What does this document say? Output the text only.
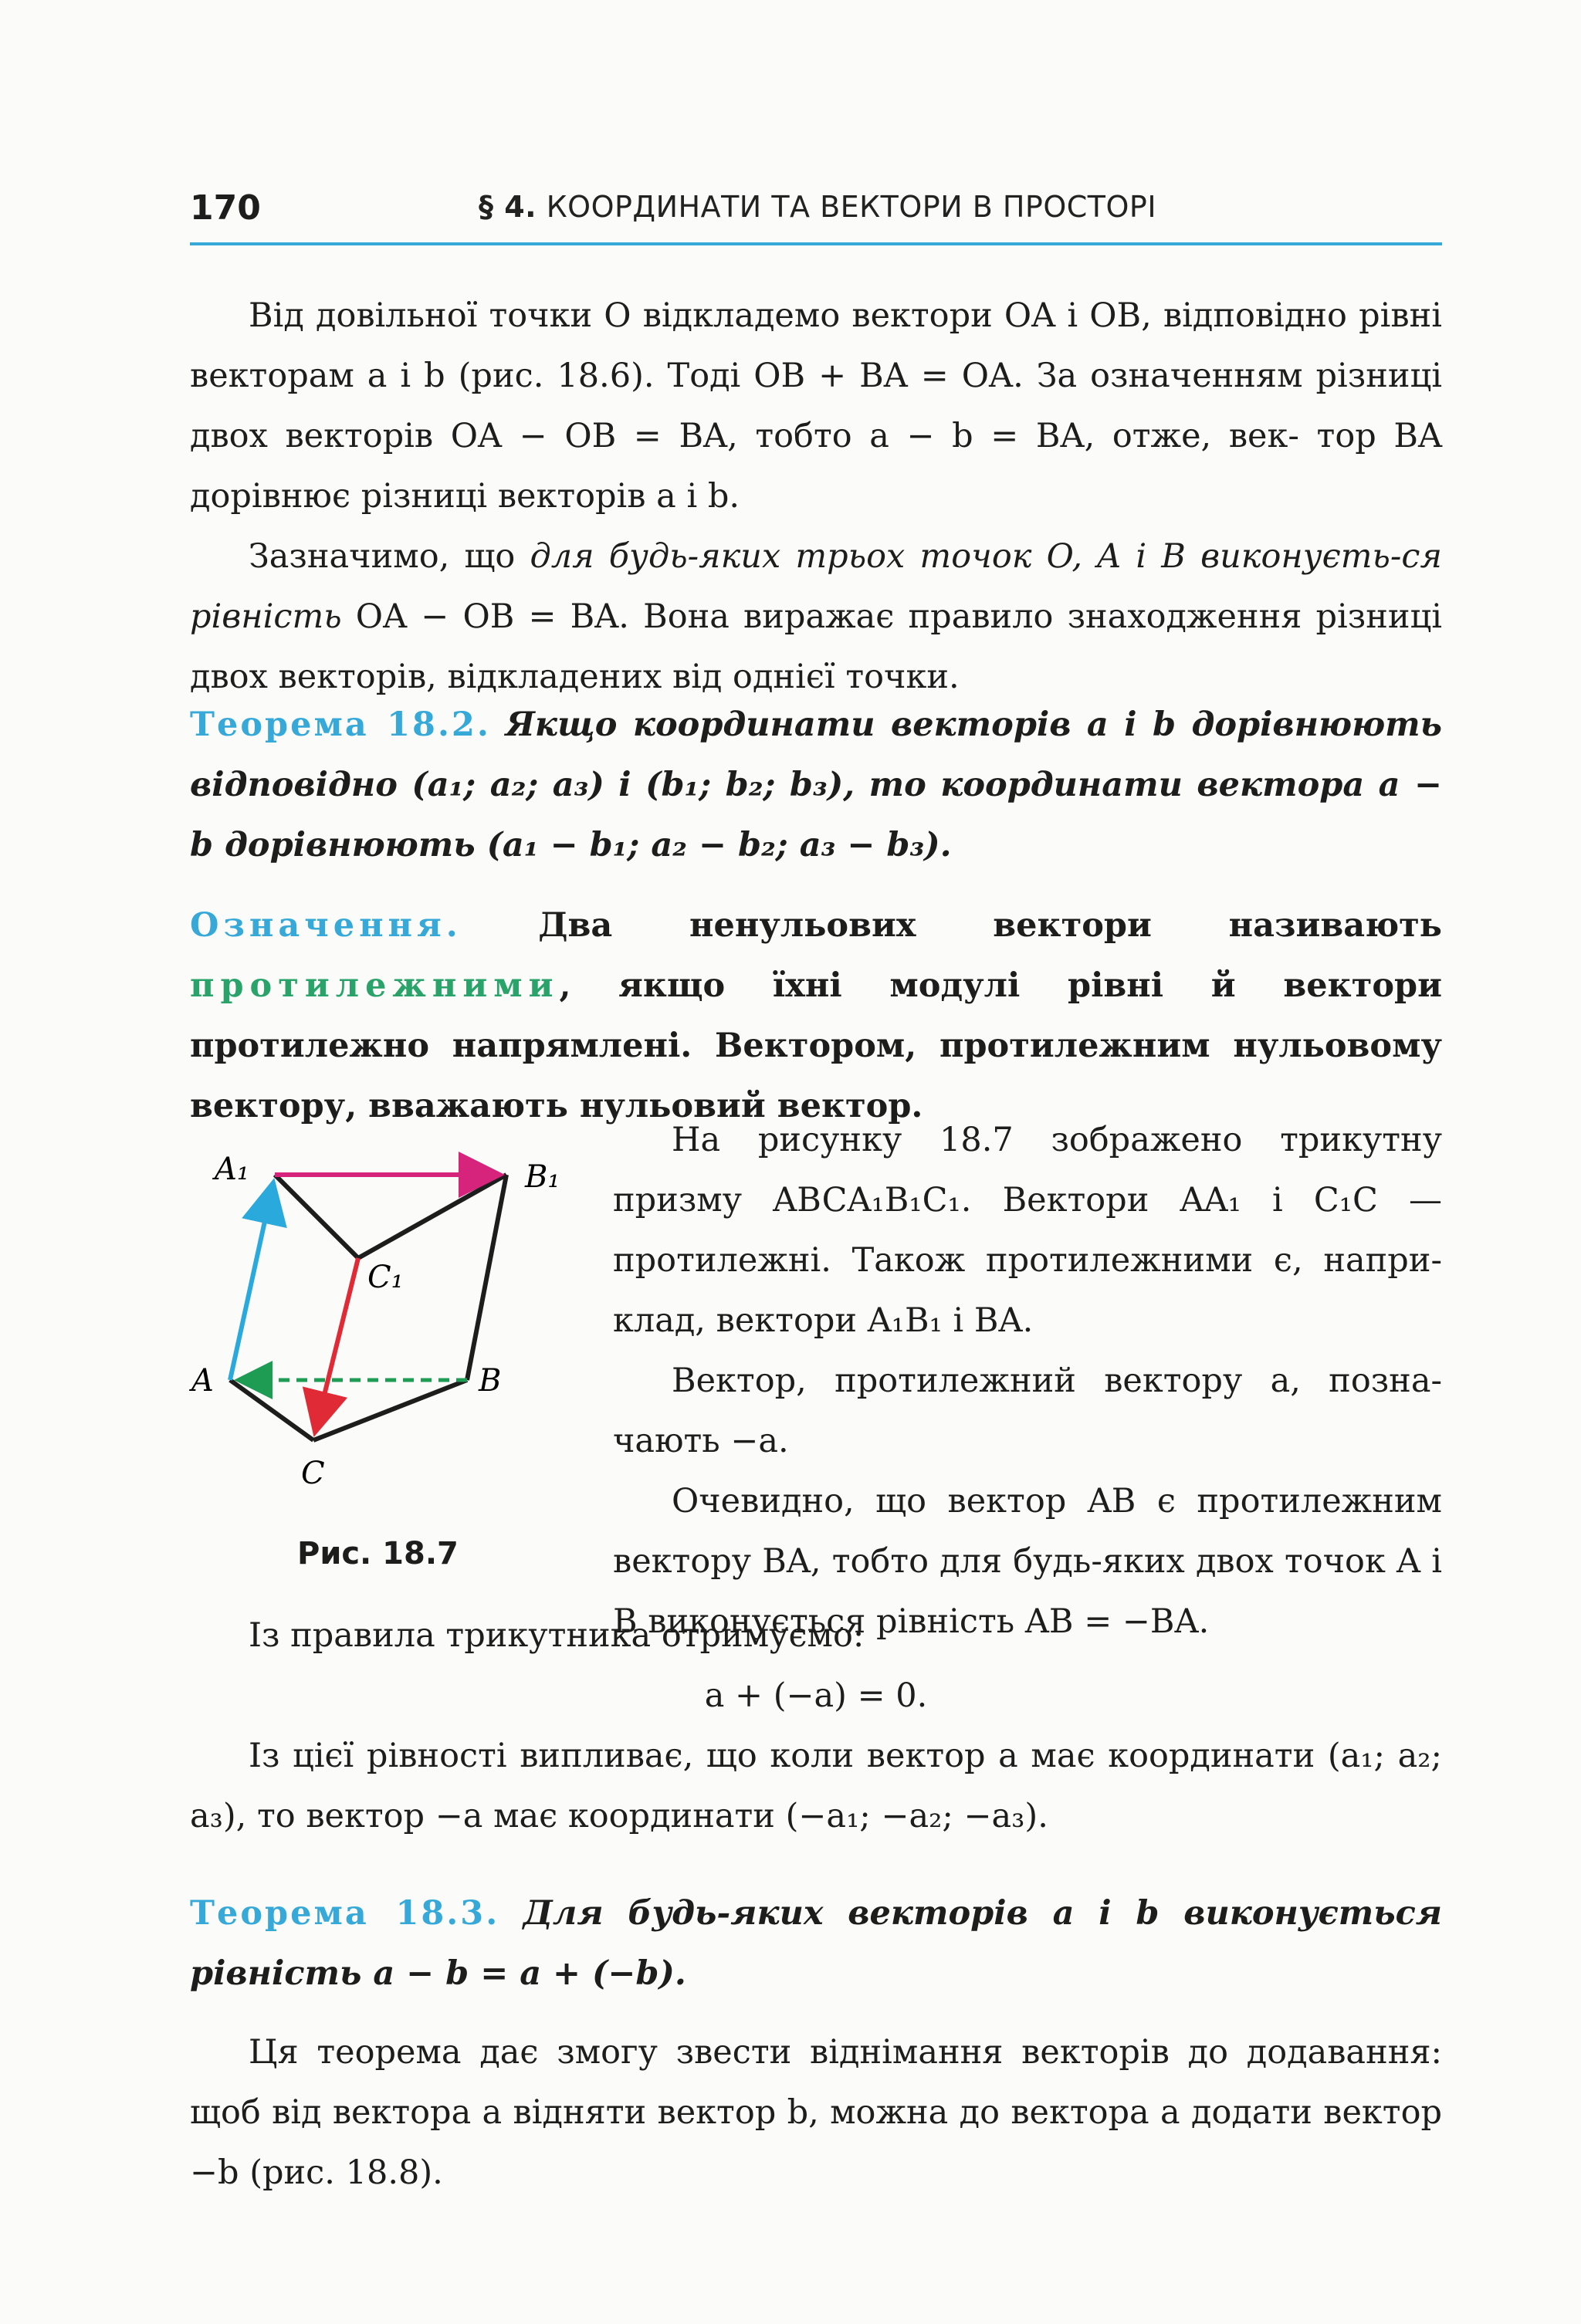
170	§ 4. КООРДИНАТИ ТА ВЕКТОРИ В ПРОСТОРІ

Від довільної точки O відкладемо вектори OA і OB, відповідно рівні векторам a і b (рис. 18.6). Тоді OB + BA = OA. За означенням різниці двох векторів OA − OB = BA, тобто a − b = BA, отже, век- тор BA дорівнює різниці векторів a і b.

Зазначимо, що для будь-яких трьох точок O, A і B виконуєть-ся рівність OA − OB = BA. Вона виражає правило знаходження різниці двох векторів, відкладених від однієї точки.

Теорема 18.2. Якщо координати векторів a і b дорівнюють відповідно (a₁; a₂; a₃) і (b₁; b₂; b₃), то координати вектора a − b дорівнюють (a₁ − b₁; a₂ − b₂; a₃ − b₃).

Означення. Два ненульових вектори називають протилежними, якщо їхні модулі рівні й вектори протилежно напрямлені. Вектором, протилежним нульовому вектору, вважають нульовий вектор.

A₁	B₁
C₁
A	B
C
Рис. 18.7

На рисунку 18.7 зображено трикутну призму ABCA₁B₁C₁. Вектори AA₁ і C₁C — протилежні. Також протилежними є, напри-клад, вектори A₁B₁ і BA.

Вектор, протилежний вектору a, позна-чають −a.

Очевидно, що вектор AB є протилежним вектору BA, тобто для будь-яких двох точок A і B виконується рівність AB = −BA.

Із правила трикутника отримуємо:

a + (−a) = 0.

Із цієї рівності випливає, що коли вектор a має координати (a₁; a₂; a₃), то вектор −a має координати (−a₁; −a₂; −a₃).

Теорема 18.3. Для будь-яких векторів a і b виконується рівність a − b = a + (−b).

Ця теорема дає змогу звести віднімання векторів до додавання: щоб від вектора a відняти вектор b, можна до вектора a додати вектор −b (рис. 18.8).
